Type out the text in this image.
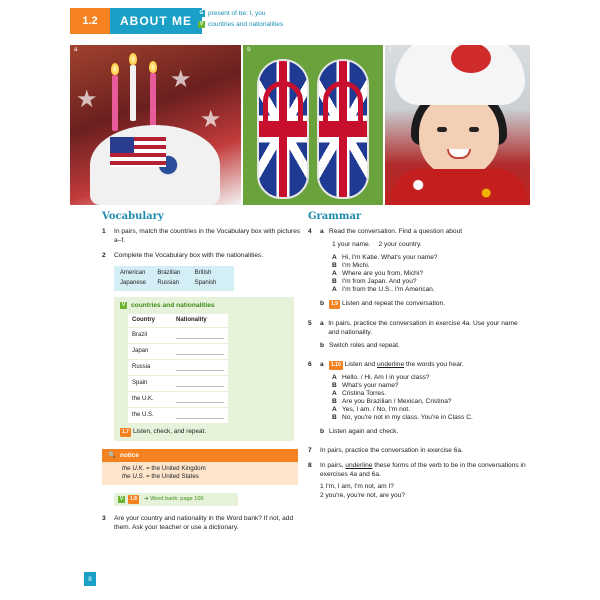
1.2	ABOUT ME
G present of be: I, you
V countries and nationalities
a
★
★
★
b	c
8
Vocabulary
1	In pairs, match the countries in the Vocabulary box with pictures a–f.
2	Complete the Vocabulary box with the nationalities.
American	Brazilian	British
Japanese	Russian	Spanish
V countries and nationalities
Country	Nationality
Brazil	

Japan	

Russia	

Spain	

the U.K.	

the U.S.	
1.7 Listen, check, and repeat.
🔍 notice
the U.K. = the United Kingdom
the U.S. = the United States
V	1.8	➜ Word bank: page 106
3	Are your country and nationality in the Word bank? If not, add them. Ask your teacher or use a dictionary.
Grammar
4	a Read the conversation. Find a question about
1 your name. 2 your country.
A Hi, I'm Katie. What's your name?
B I'm Michi.
A Where are you from, Michi?
B I'm from Japan. And you?
A I'm from the U.S.. I'm American.
b	1.9 Listen and repeat the conversation.
5	a In pairs, practice the conversation in exercise 4a. Use your name and nationality.
b Switch roles and repeat.
6	a	1.10 Listen and underline the words you hear.
A Hello. / Hi. Am I in your class?
B What's your name?
A Cristina Torres.
B Are you Brazilian / Mexican, Cristina?
A Yes, I am. / No, I'm not.
B No, you're not in my class. You're in Class C.
b Listen again and check.
7	In pairs, practice the conversation in exercise 6a.
8	In pairs, underline these forms of the verb to be in the conversations in exercises 4a and 6a.
1 I'm, I am, I'm not, am I?
2 you're, you're not, are you?
